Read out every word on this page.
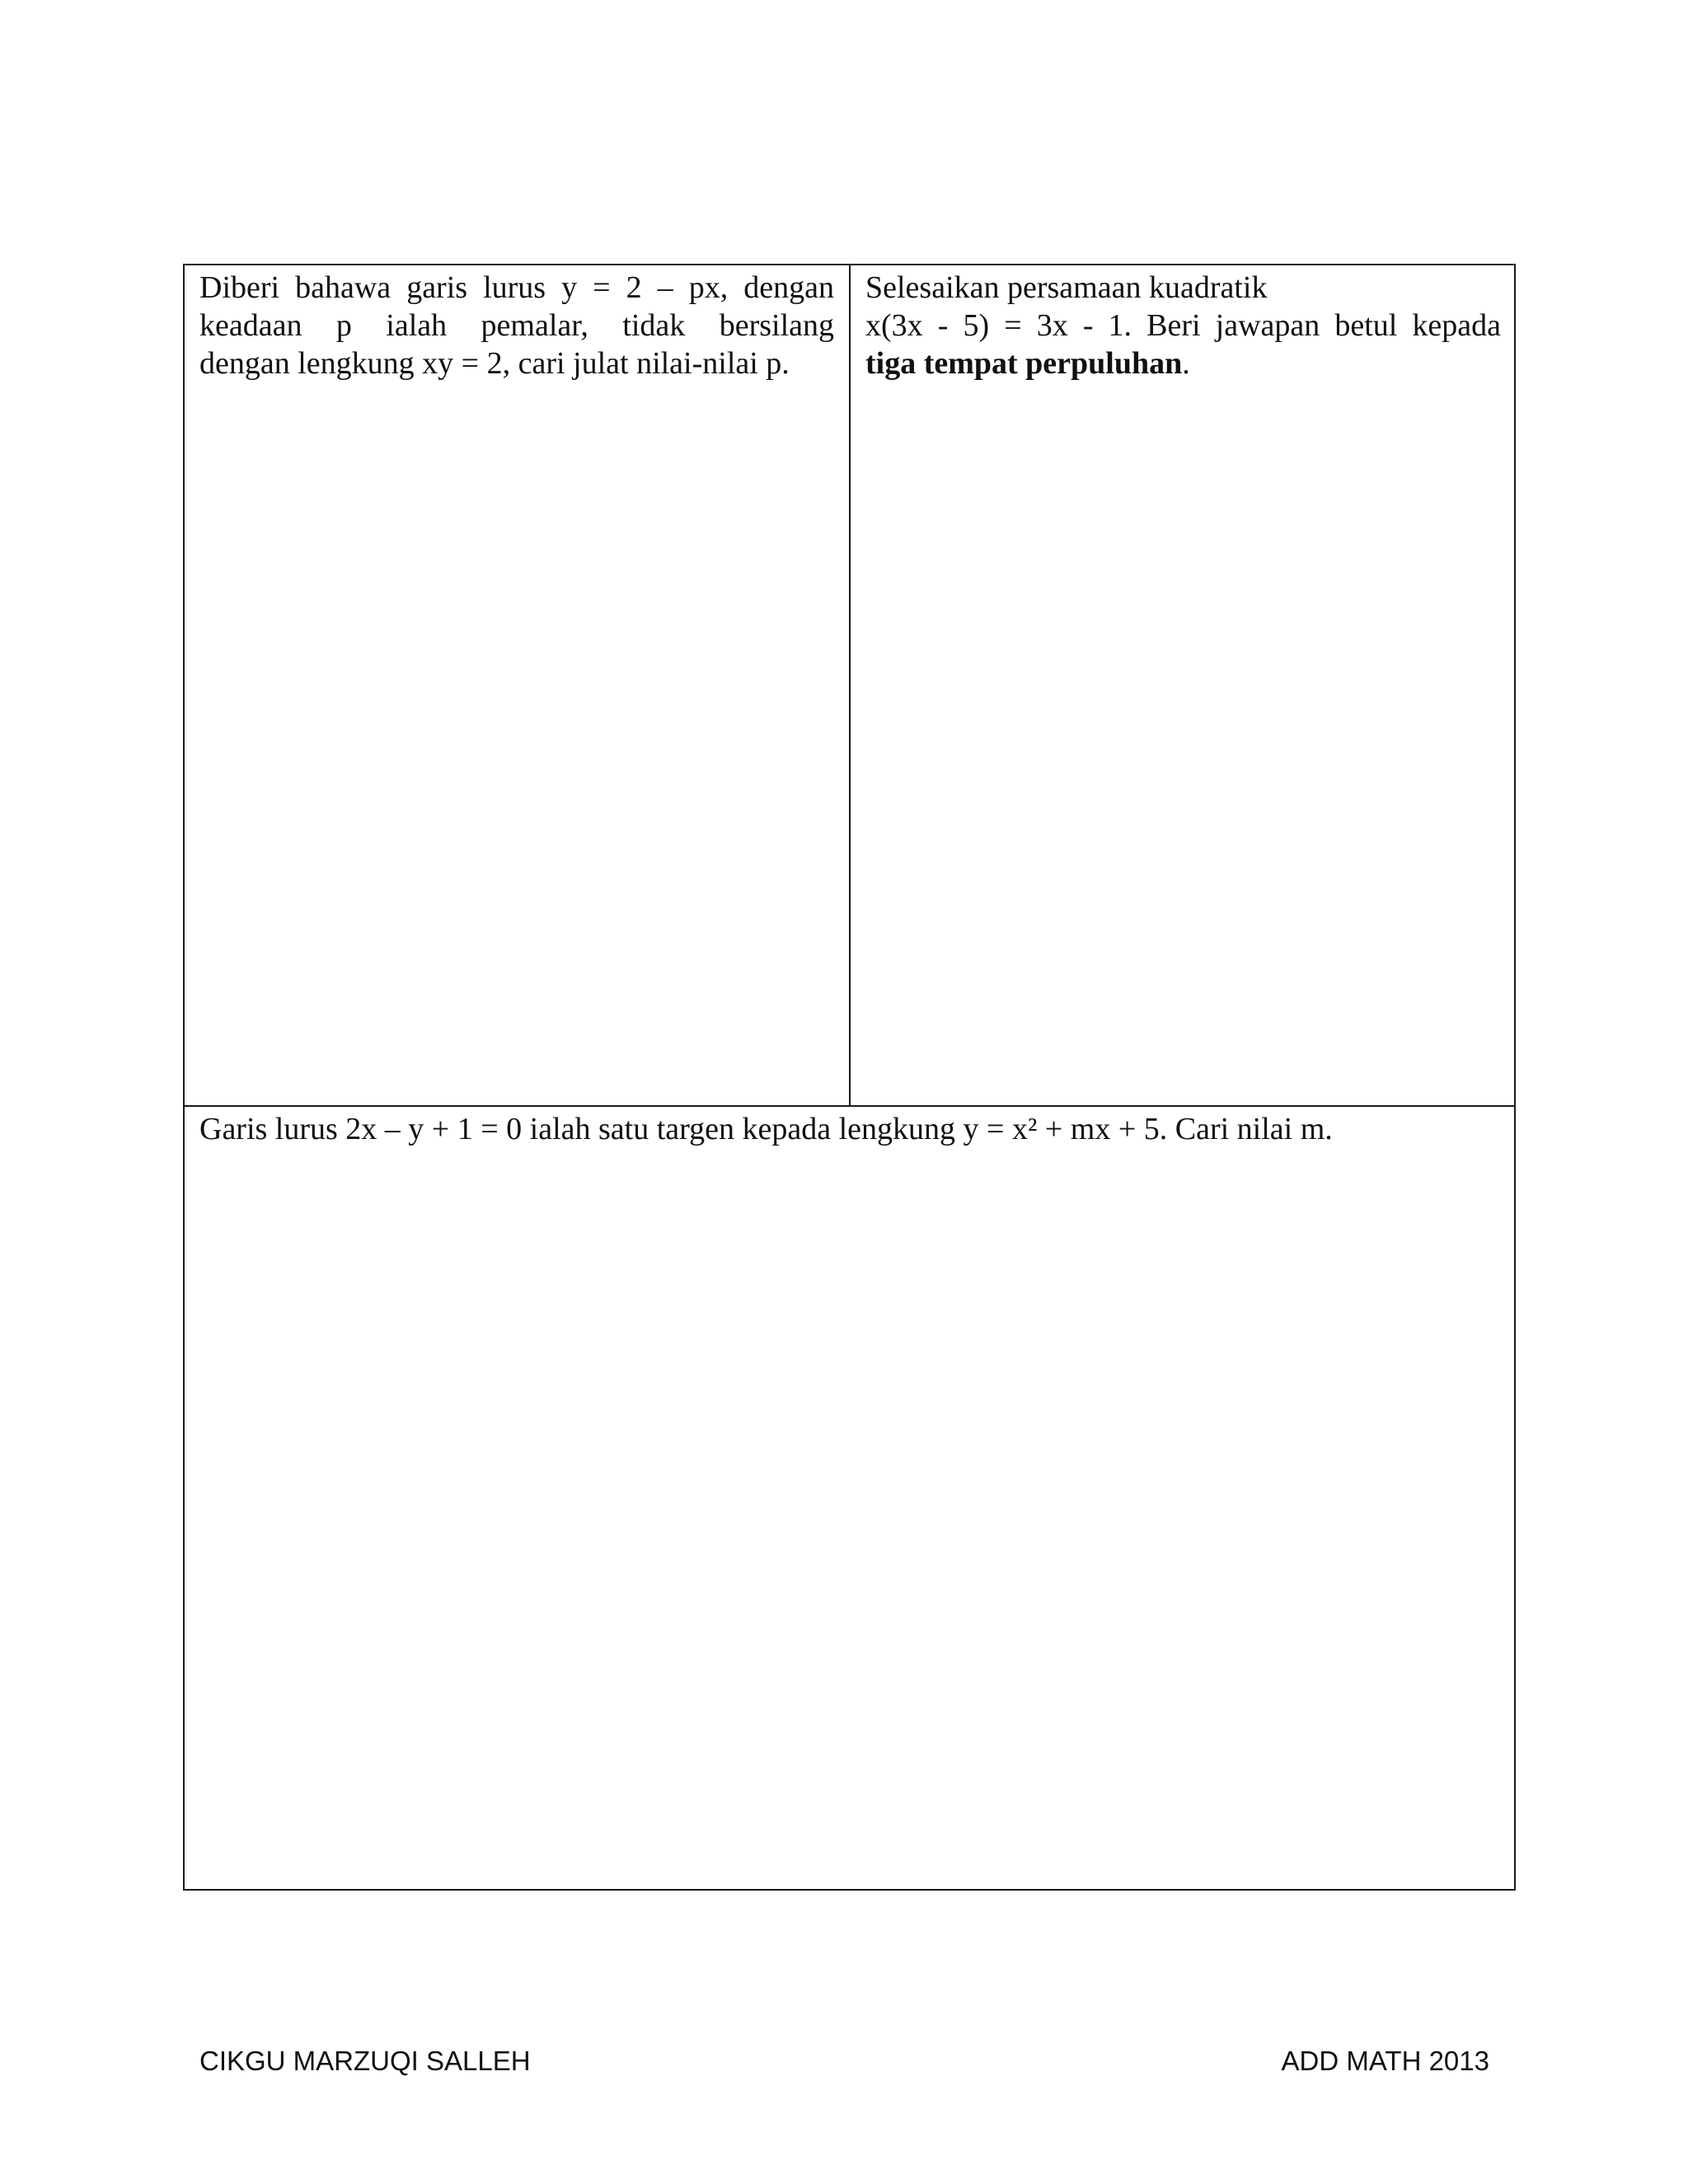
Diberi bahawa garis lurus y = 2 – px, dengan
keadaan p ialah pemalar, tidak bersilang
dengan lengkung xy = 2, cari julat nilai-nilai p.
Selesaikan persamaan kuadratik
x(3x - 5) = 3x - 1. Beri jawapan betul kepada
tiga tempat perpuluhan.
Garis lurus 2x – y + 1 = 0 ialah satu targen kepada lengkung y = x² + mx + 5. Cari nilai m.
CIKGU MARZUQI SALLEH	ADD MATH 2013
